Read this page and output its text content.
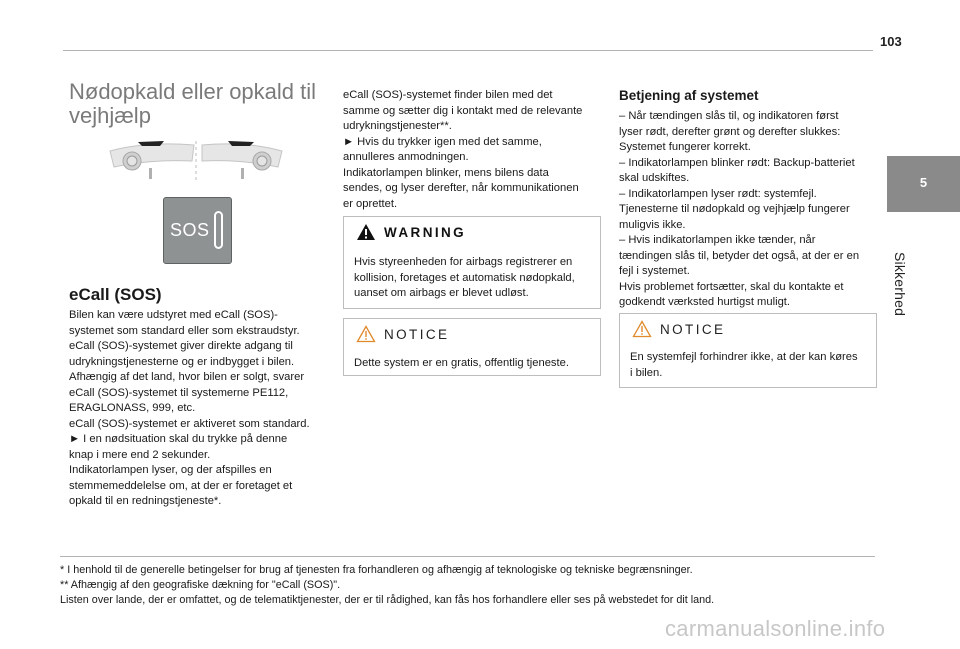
103
5
Sikkerhed
Nødopkald eller opkald til
vejhjælp
SOS
eCall (SOS)
Bilen kan være udstyret med eCall (SOS)-
systemet som standard eller som ekstraudstyr.
eCall (SOS)-systemet giver direkte adgang til
udrykningstjenesterne og er indbygget i bilen.
Afhængig af det land, hvor bilen er solgt, svarer
eCall (SOS)-systemet til systemerne PE112,
ERAGLONASS, 999, etc.
eCall (SOS)-systemet er aktiveret som standard.
► I en nødsituation skal du trykke på denne
knap i mere end 2 sekunder.
Indikatorlampen lyser, og der afspilles en
stemmemeddelelse om, at der er foretaget et
opkald til en redningstjeneste*.
eCall (SOS)-systemet finder bilen med det
samme og sætter dig i kontakt med de relevante
udrykningstjenester**.
► Hvis du trykker igen med det samme,
annulleres anmodningen.
Indikatorlampen blinker, mens bilens data
sendes, og lyser derefter, når kommunikationen
er oprettet.
WARNING
Hvis styreenheden for airbags registrerer en
kollision, foretages et automatisk nødopkald,
uanset om airbags er blevet udløst.
NOTICE
Dette system er en gratis, offentlig tjeneste.
Betjening af systemet
– Når tændingen slås til, og indikatoren først
lyser rødt, derefter grønt og derefter slukkes:
Systemet fungerer korrekt.
– Indikatorlampen blinker rødt: Backup-batteriet
skal udskiftes.
– Indikatorlampen lyser rødt: systemfejl.
Tjenesterne til nødopkald og vejhjælp fungerer
muligvis ikke.
– Hvis indikatorlampen ikke tænder, når
tændingen slås til, betyder det også, at der er en
fejl i systemet.
Hvis problemet fortsætter, skal du kontakte et
godkendt værksted hurtigst muligt.
NOTICE
En systemfejl forhindrer ikke, at der kan køres
i bilen.
* I henhold til de generelle betingelser for brug af tjenesten fra forhandleren og afhængig af teknologiske og tekniske begrænsninger.
** Afhængig af den geografiske dækning for "eCall (SOS)".
Listen over lande, der er omfattet, og de telematiktjenester, der er til rådighed, kan fås hos forhandlere eller ses på webstedet for dit land.
carmanualsonline.info
